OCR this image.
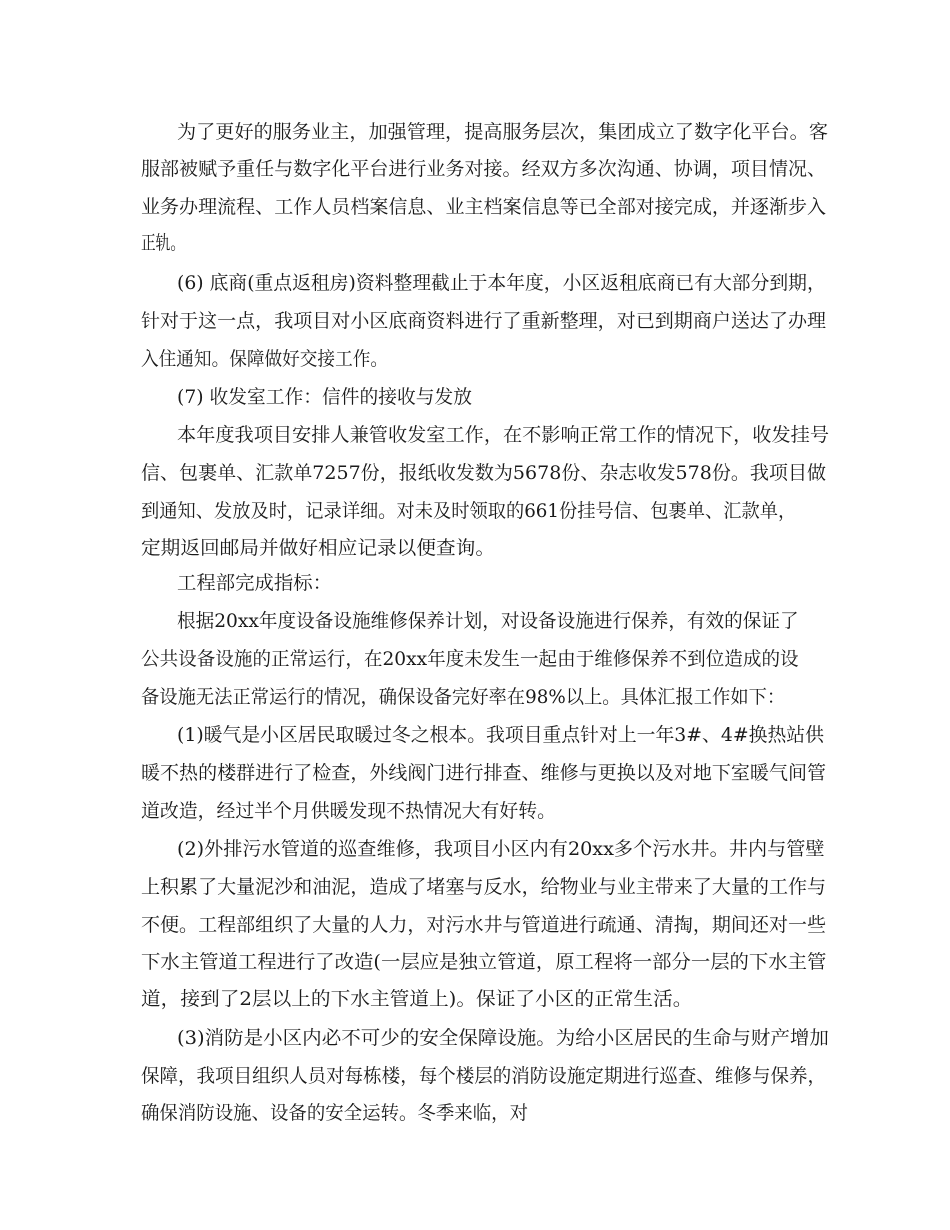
为了更好的服务业主，加强管理，提高服务层次，集团成立了数字化平台。客

服部被赋予重任与数字化平台进行业务对接。经双方多次沟通、协调，项目情况、

业务办理流程、工作人员档案信息、业主档案信息等已全部对接完成，并逐渐步入

正轨。

(6) 底商(重点返租房)资料整理截止于本年度，小区返租底商已有大部分到期，

针对于这一点，我项目对小区底商资料进行了重新整理，对已到期商户送达了办理

入住通知。保障做好交接工作。

(7) 收发室工作：信件的接收与发放

本年度我项目安排人兼管收发室工作，在不影响正常工作的情况下，收发挂号

信、包裹单、汇款单7257份，报纸收发数为5678份、杂志收发578份。我项目做

到通知、发放及时，记录详细。对未及时领取的661份挂号信、包裹单、汇款单，

定期返回邮局并做好相应记录以便查询。

工程部完成指标：

根据20xx年度设备设施维修保养计划，对设备设施进行保养，有效的保证了

公共设备设施的正常运行，在20xx年度未发生一起由于维修保养不到位造成的设

备设施无法正常运行的情况，确保设备完好率在98%以上。具体汇报工作如下：

(1)暖气是小区居民取暖过冬之根本。我项目重点针对上一年3#、4#换热站供

暖不热的楼群进行了检查，外线阀门进行排查、维修与更换以及对地下室暖气间管

道改造，经过半个月供暖发现不热情况大有好转。

(2)外排污水管道的巡查维修，我项目小区内有20xx多个污水井。井内与管壁

上积累了大量泥沙和油泥，造成了堵塞与反水，给物业与业主带来了大量的工作与

不便。工程部组织了大量的人力，对污水井与管道进行疏通、清掏，期间还对一些

下水主管道工程进行了改造(一层应是独立管道，原工程将一部分一层的下水主管

道，接到了2层以上的下水主管道上)。保证了小区的正常生活。

(3)消防是小区内必不可少的安全保障设施。为给小区居民的生命与财产增加

保障，我项目组织人员对每栋楼，每个楼层的消防设施定期进行巡查、维修与保养，

确保消防设施、设备的安全运转。冬季来临，对
